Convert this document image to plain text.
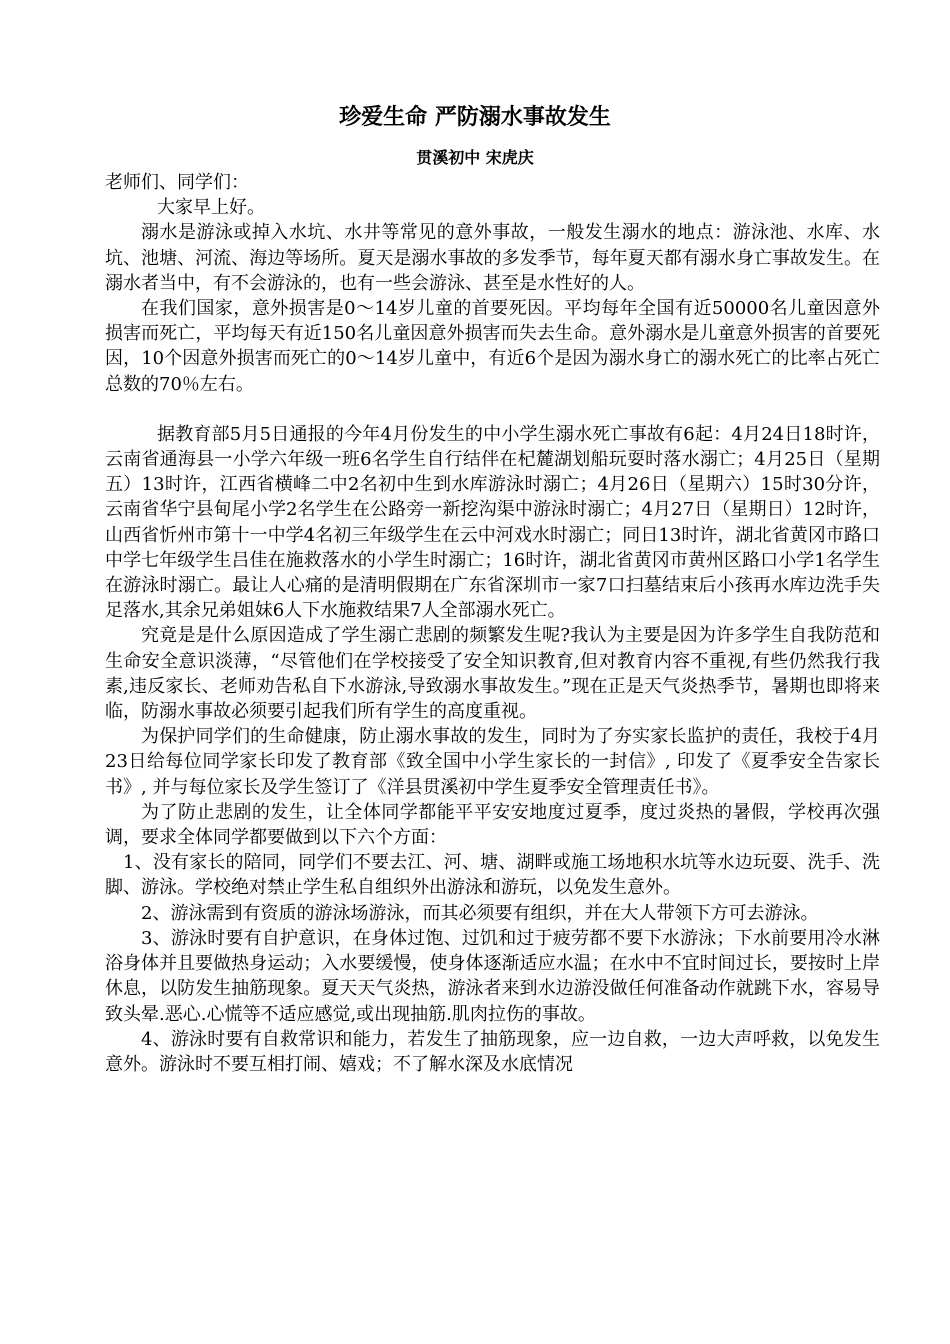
珍爱生命 严防溺水事故发生
贯溪初中 宋虎庆

老师们、同学们：

大家早上好。

溺水是游泳或掉入水坑、水井等常见的意外事故，一般发生溺水的地点：游泳池、水库、水坑、池塘、河流、海边等场所。夏天是溺水事故的多发季节，每年夏天都有溺水身亡事故发生。在溺水者当中，有不会游泳的，也有一些会游泳、甚至是水性好的人。

在我们国家，意外损害是0～14岁儿童的首要死因。平均每年全国有近50000名儿童因意外损害而死亡，平均每天有近150名儿童因意外损害而失去生命。意外溺水是儿童意外损害的首要死因，10个因意外损害而死亡的0～14岁儿童中，有近6个是因为溺水身亡的溺水死亡的比率占死亡总数的70％左右。

据教育部5月5日通报的今年4月份发生的中小学生溺水死亡事故有6起：4月24日18时许，云南省通海县一小学六年级一班6名学生自行结伴在杞麓湖划船玩耍时落水溺亡；4月25日（星期五）13时许，江西省横峰二中2名初中生到水库游泳时溺亡；4月26日（星期六）15时30分许，云南省华宁县甸尾小学2名学生在公路旁一新挖沟渠中游泳时溺亡；4月27日（星期日）12时许，山西省忻州市第十一中学4名初三年级学生在云中河戏水时溺亡；同日13时许，湖北省黄冈市路口中学七年级学生吕佳在施救落水的小学生时溺亡；16时许，湖北省黄冈市黄州区路口小学1名学生在游泳时溺亡。最让人心痛的是清明假期在广东省深圳市一家7口扫墓结束后小孩再水库边洗手失足落水,其余兄弟姐妹6人下水施救结果7人全部溺水死亡。

究竟是是什么原因造成了学生溺亡悲剧的频繁发生呢?我认为主要是因为许多学生自我防范和生命安全意识淡薄，“尽管他们在学校接受了安全知识教育,但对教育内容不重视,有些仍然我行我素,违反家长、老师劝告私自下水游泳,导致溺水事故发生。”现在正是天气炎热季节，暑期也即将来临，防溺水事故必须要引起我们所有学生的高度重视。

为保护同学们的生命健康，防止溺水事故的发生，同时为了夯实家长监护的责任，我校于4月23日给每位同学家长印发了教育部《致全国中小学生家长的一封信》, 印发了《夏季安全告家长书》, 并与每位家长及学生签订了《洋县贯溪初中学生夏季安全管理责任书》。

为了防止悲剧的发生，让全体同学都能平平安安地度过夏季，度过炎热的暑假，学校再次强调，要求全体同学都要做到以下六个方面：

1、没有家长的陪同，同学们不要去江、河、塘、湖畔或施工场地积水坑等水边玩耍、洗手、洗脚、游泳。学校绝对禁止学生私自组织外出游泳和游玩，以免发生意外。

2、游泳需到有资质的游泳场游泳，而其必须要有组织，并在大人带领下方可去游泳。

3、游泳时要有自护意识，在身体过饱、过饥和过于疲劳都不要下水游泳；下水前要用冷水淋浴身体并且要做热身运动；入水要缓慢，使身体逐渐适应水温；在水中不宜时间过长，要按时上岸休息，以防发生抽筋现象。夏天天气炎热，游泳者来到水边游没做任何准备动作就跳下水，容易导致头晕.恶心.心慌等不适应感觉,或出现抽筋.肌肉拉伤的事故。

4、游泳时要有自救常识和能力，若发生了抽筋现象，应一边自救，一边大声呼救，以免发生意外。游泳时不要互相打闹、嬉戏；不了解水深及水底情况
